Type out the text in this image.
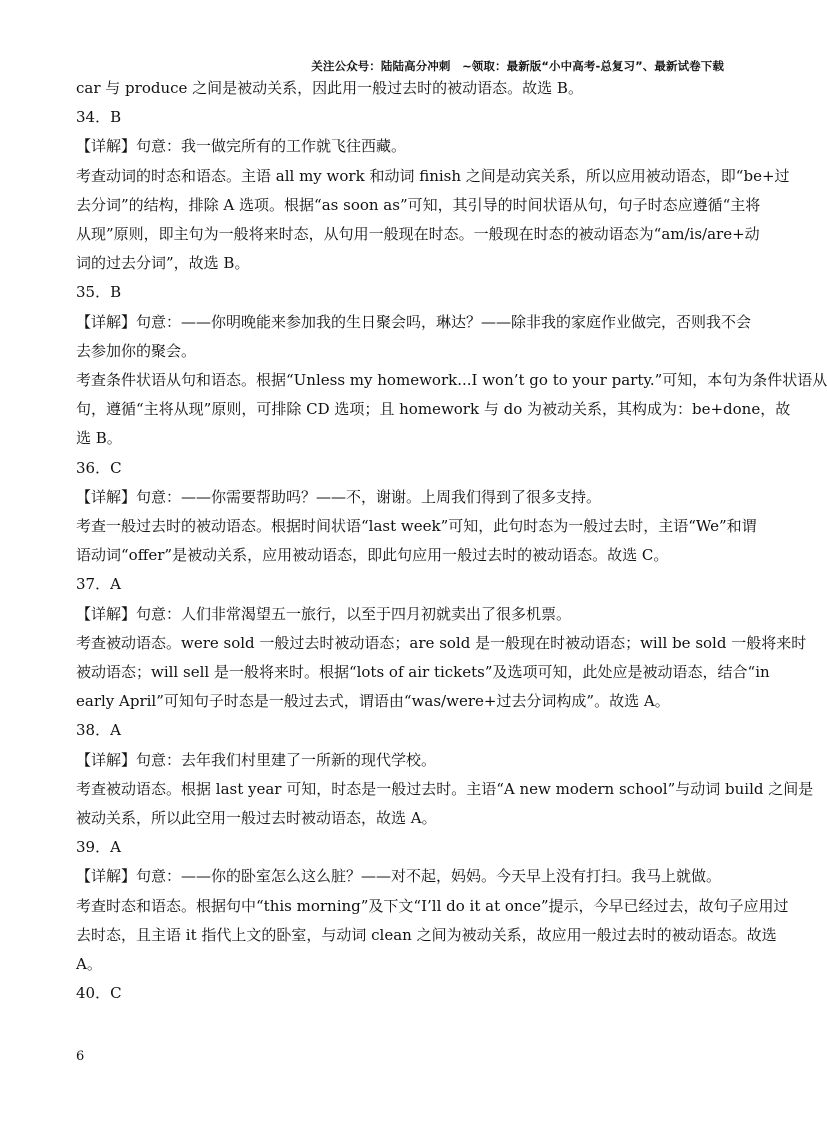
关注公众号：陆陆高分冲刺　~领取：最新版“小中高考-总复习”、最新试卷下载

car 与 produce 之间是被动关系，因此用一般过去时的被动语态。故选 B。

34．B

【详解】句意：我一做完所有的工作就飞往西藏。

考查动词的时态和语态。主语 all my work 和动词 finish 之间是动宾关系，所以应用被动语态，即“be+过

去分词”的结构，排除 A 选项。根据“as soon as”可知，其引导的时间状语从句，句子时态应遵循“主将

从现”原则，即主句为一般将来时态，从句用一般现在时态。一般现在时态的被动语态为“am/is/are+动

词的过去分词”，故选 B。

35．B

【详解】句意：——你明晚能来参加我的生日聚会吗，琳达？——除非我的家庭作业做完，否则我不会

去参加你的聚会。

考查条件状语从句和语态。根据“Unless my homework...I won’t go to your party.”可知，本句为条件状语从

句，遵循“主将从现”原则，可排除 CD 选项；且 homework 与 do 为被动关系，其构成为：be+done，故

选 B。

36．C

【详解】句意：——你需要帮助吗？——不，谢谢。上周我们得到了很多支持。

考查一般过去时的被动语态。根据时间状语“last week”可知，此句时态为一般过去时，主语“We”和谓

语动词“offer”是被动关系，应用被动语态，即此句应用一般过去时的被动语态。故选 C。

37．A

【详解】句意：人们非常渴望五一旅行，以至于四月初就卖出了很多机票。

考查被动语态。were sold 一般过去时被动语态；are sold 是一般现在时被动语态；will be sold 一般将来时

被动语态；will sell 是一般将来时。根据“lots of air tickets”及选项可知，此处应是被动语态，结合“in

early April”可知句子时态是一般过去式，谓语由“was/were+过去分词构成”。故选 A。

38．A

【详解】句意：去年我们村里建了一所新的现代学校。

考查被动语态。根据 last year 可知，时态是一般过去时。主语“A new modern school”与动词 build 之间是

被动关系，所以此空用一般过去时被动语态，故选 A。

39．A

【详解】句意：——你的卧室怎么这么脏？——对不起，妈妈。今天早上没有打扫。我马上就做。

考查时态和语态。根据句中“this morning”及下文“I’ll do it at once”提示，今早已经过去，故句子应用过

去时态，且主语 it 指代上文的卧室，与动词 clean 之间为被动关系，故应用一般过去时的被动语态。故选

A。

40．C

6
